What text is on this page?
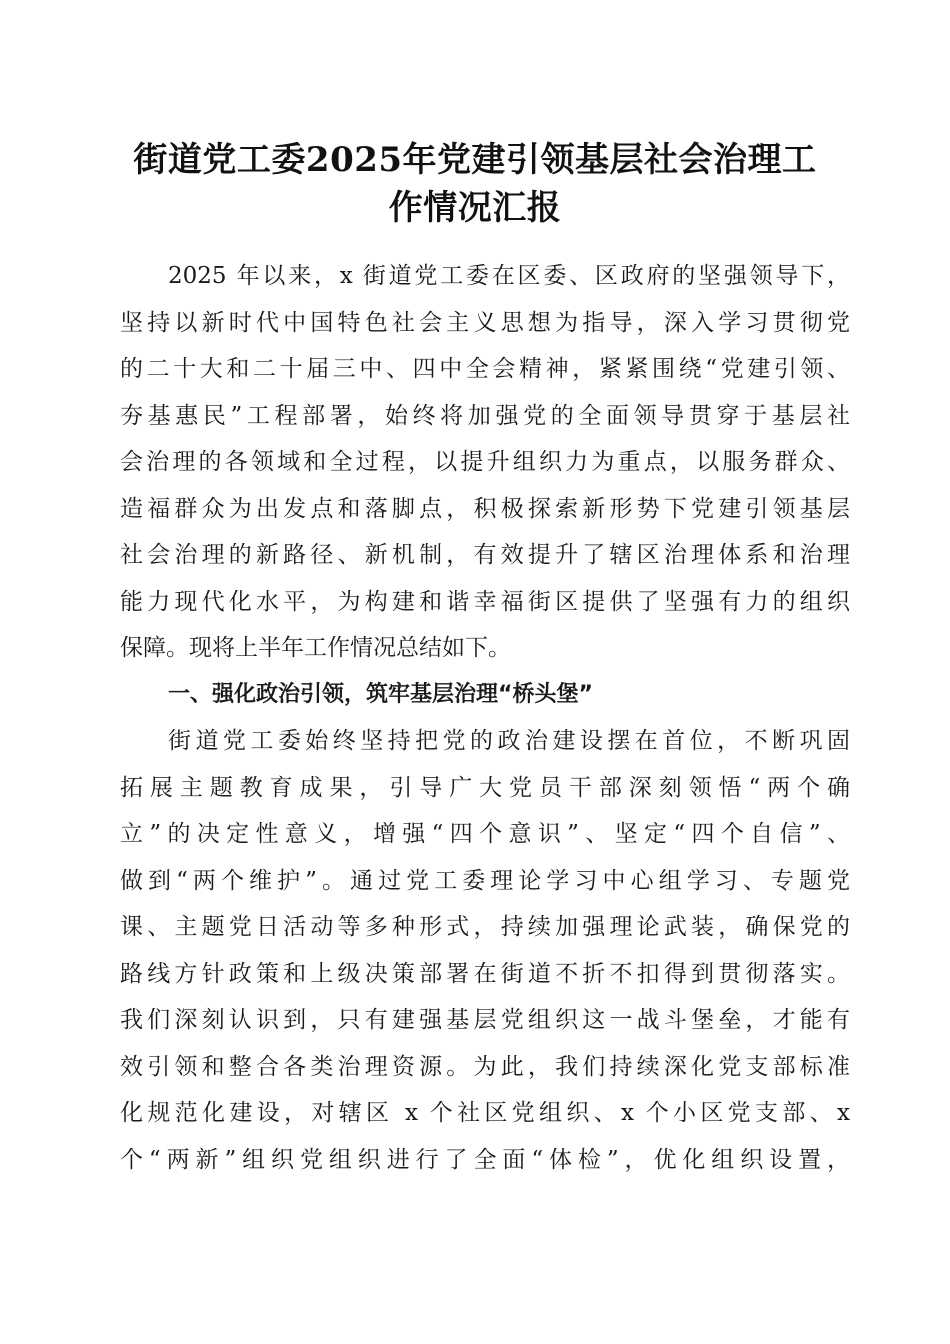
街道党工委2025年党建引领基层社会治理工
作情况汇报
2025 年以来，x 街道党工委在区委、区政府的坚强领导下，
坚持以新时代中国特色社会主义思想为指导，深入学习贯彻党
的二十大和二十届三中、四中全会精神，紧紧围绕“党建引领、
夯基惠民”工程部署，始终将加强党的全面领导贯穿于基层社
会治理的各领域和全过程，以提升组织力为重点，以服务群众、
造福群众为出发点和落脚点，积极探索新形势下党建引领基层
社会治理的新路径、新机制，有效提升了辖区治理体系和治理
能力现代化水平，为构建和谐幸福街区提供了坚强有力的组织
保障。现将上半年工作情况总结如下。
一、强化政治引领，筑牢基层治理“桥头堡”
街道党工委始终坚持把党的政治建设摆在首位，不断巩固
拓展主题教育成果，引导广大党员干部深刻领悟“两个确
立”的决定性意义，增强“四个意识”、坚定“四个自信”、
做到“两个维护”。通过党工委理论学习中心组学习、专题党
课、主题党日活动等多种形式，持续加强理论武装，确保党的
路线方针政策和上级决策部署在街道不折不扣得到贯彻落实。
我们深刻认识到，只有建强基层党组织这一战斗堡垒，才能有
效引领和整合各类治理资源。为此，我们持续深化党支部标准
化规范化建设，对辖区 x 个社区党组织、x 个小区党支部、x
个“两新”组织党组织进行了全面“体检”，优化组织设置，
